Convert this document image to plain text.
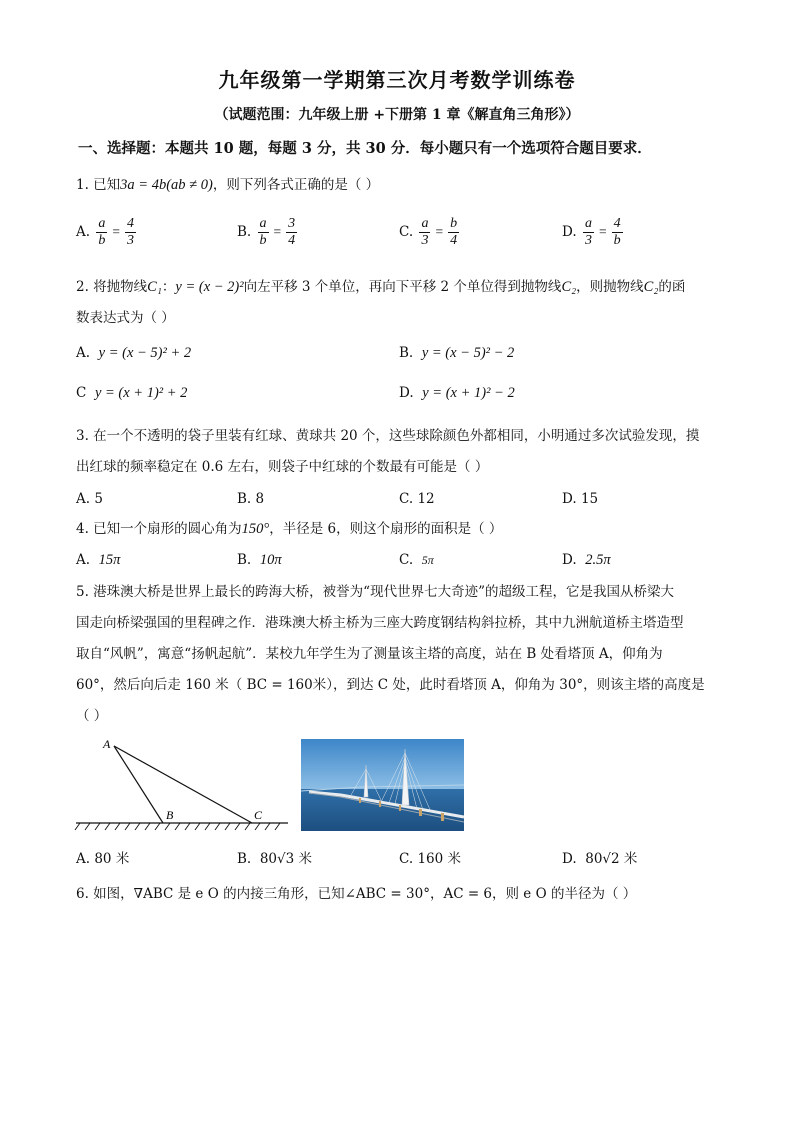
九年级第一学期第三次月考数学训练卷
（试题范围：九年级上册 +下册第 1 章《解直角三角形》）
一、选择题：本题共 10 题，每题 3 分，共 30 分．每小题只有一个选项符合题目要求．
1. 已知3a = 4b(ab ≠ 0)，则下列各式正确的是（ ）
A. $\frac{a}{b} = \frac{4}{3}$	B. $\frac{a}{b} = \frac{3}{4}$	C. $\frac{a}{3} = \frac{b}{4}$	D. $\frac{a}{3} = \frac{4}{b}$
2. 将抛物线C₁：y = (x − 2)²向左平移 3 个单位，再向下平移 2 个单位得到抛物线C₂，则抛物线C₂的函
数表达式为（ ）
A. y = (x − 5)² + 2	B. y = (x − 5)² − 2
C y = (x + 1)² + 2	D. y = (x + 1)² − 2
3. 在一个不透明的袋子里装有红球、黄球共 20 个，这些球除颜色外都相同，小明通过多次试验发现，摸
出红球的频率稳定在 0.6 左右，则袋子中红球的个数最有可能是（ ）
A. 5	B. 8	C. 12	D. 15
4. 已知一个扇形的圆心角为150°，半径是 6，则这个扇形的面积是（ ）
A. 15π	B. 10π	C. 5π	D. 2.5π
5. 港珠澳大桥是世界上最长的跨海大桥，被誉为“现代世界七大奇迹”的超级工程，它是我国从桥梁大
国走向桥梁强国的里程碑之作．港珠澳大桥主桥为三座大跨度钢结构斜拉桥，其中九洲航道桥主塔造型
取自“风帆”，寓意“扬帆起航”．某校九年学生为了测量该主塔的高度，站在 B 处看塔顶 A，仰角为
60°，然后向后走 160 米（ BC = 160米），到达 C 处，此时看塔顶 A，仰角为 30°，则该主塔的高度是
（ ）
A
B	C
A. 80 米	B. 80√3 米	C. 160 米	D. 80√2 米
6. 如图，∇ABC 是 e O 的内接三角形，已知∠ABC = 30°，AC = 6，则 e O 的半径为（ ）
